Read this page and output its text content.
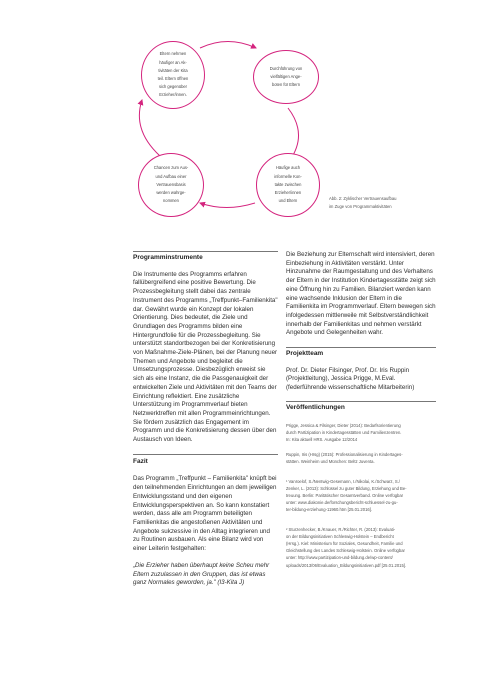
Eltern nehmen
häufiger an Ak-
tivitäten der Kita
teil. Eltern öffnen
sich gegenüber
Erzieher/innen.
Durchführung von
vielfältigen Ange-
boten für Eltern
Häufige auch
informelle Kon-
takte zwischen
Erzieher/innen
und Eltern
Chancen zum Aus-
und Aufbau einer
Vertrauensbasis
werden wahrge-
nommen	Abb. 2: Zyklischer Vertrauensaufbau
im Zuge von Programmaktivitäten

Programminstrumente

Die Instrumente des Programms erfahren fallübergreifend eine positive Bewertung. Die Prozessbegleitung stellt dabei das zentrale Instrument des Programms „Treffpunkt–Familienkita" dar. Gewährt wurde ein Konzept der lokalen Orientierung. Dies bedeutet, die Ziele und Grundlagen des Programms bilden eine Hintergrundfolie für die Prozessbegleitung. Sie unterstützt standortbezogen bei der Konkretisierung von Maßnahme-Ziele-Plänen, bei der Planung neuer Themen und Angebote und begleitet die Umsetzungsprozesse. Diesbezüglich erweist sie sich als eine Instanz, die die Passgenauigkeit der entwickelten Ziele und Aktivitäten mit den Teams der Einrichtung reflektiert. Eine zusätzliche Unterstützung im Programmverlauf bieten Netzwerktreffen mit allen Programmeinrichtungen. Sie fördern zusätzlich das Engagement im Programm und die Konkretisierung dessen über den Austausch von Ideen.

Fazit

Das Programm „Treffpunkt – Familienkita" knüpft bei den teilnehmenden Einrichtungen an dem jeweiligen Entwicklungsstand und den eigenen Entwicklungsperspektiven an. So kann konstatiert werden, dass alle am Programm beteiligten Familienkitas die angestoßenen Aktivitäten und Angebote sukzessive in den Alltag integrieren und zu Routinen ausbauen. Als eine Bilanz wird von einer Leiterin festgehalten:

„Die Erzieher haben überhaupt keine Scheu mehr Eltern zuzulassen in den Gruppen, das ist etwas ganz Normales geworden, ja." (I3-Kita J)

Die Beziehung zur Elternschaft wird intensiviert, deren Einbeziehung in Aktivitäten verstärkt. Unter Hinzunahme der Raumgestaltung und des Verhaltens der Eltern in der Institution Kindertagesstätte zeigt sich eine Öffnung hin zu Familien. Bilanziert werden kann eine wachsende Inklusion der Eltern in die Familienkita im Programmverlauf. Eltern bewegen sich infolgedessen mittlerweile mit Selbstverständlichkeit innerhalb der Familienkitas und nehmen verstärkt Angebote und Gelegenheiten wahr.

Projektteam

Prof. Dr. Dieter Filsinger, Prof. Dr. Iris Ruppin (Projektleitung), Jessica Prigge, M.Eval. (federführende wissenschaftliche Mitarbeiterin)

Veröffentlichungen

Prigge, Jessica & Filsinger, Dieter (2014): Bedarfsorientierung

durch Partizipation in Kindertagesstätten und Familienzentren.

In: Kita aktuell HRS. Ausgabe 12/2014

Ruppin, Iris (Hrsg) (2015): Professionalisierung in Kindertages-

stätten. Weinheim und München: Beltz Juventa.

¹ Vanroelof, S./Nentwig-Gesemann, I./Nikolai, K./Schwarz, S./

Zenker, L. (2013): Schlüssel zu guter Bildung, Erziehung und Be-

treuung. Berlin: Paritätischer Gesamtverband. Online verfügbar

unter: www.diakonie.de/forschungsbericht-schluessel-zu-gu-

ter-bildung-erziehung-11960.htm [25.01.2016].

² Sturzenhecker, B./Knauer, R./Richter, R. (2013): Evaluati-

on der Bildungsinitiativen Schleswig-Holstein – Endbericht

(Hrsg.). Kiel: Ministerium für Soziales, Gesundheit, Familie und

Gleichstellung des Landes Schleswig-Holstein. Online verfügbar

unter: http://www.partizipation-und-bildung.de/wp-content/

uploads/2013/06/Evaluation_Bildungsinitiativen.pdf [25.01.2015].
